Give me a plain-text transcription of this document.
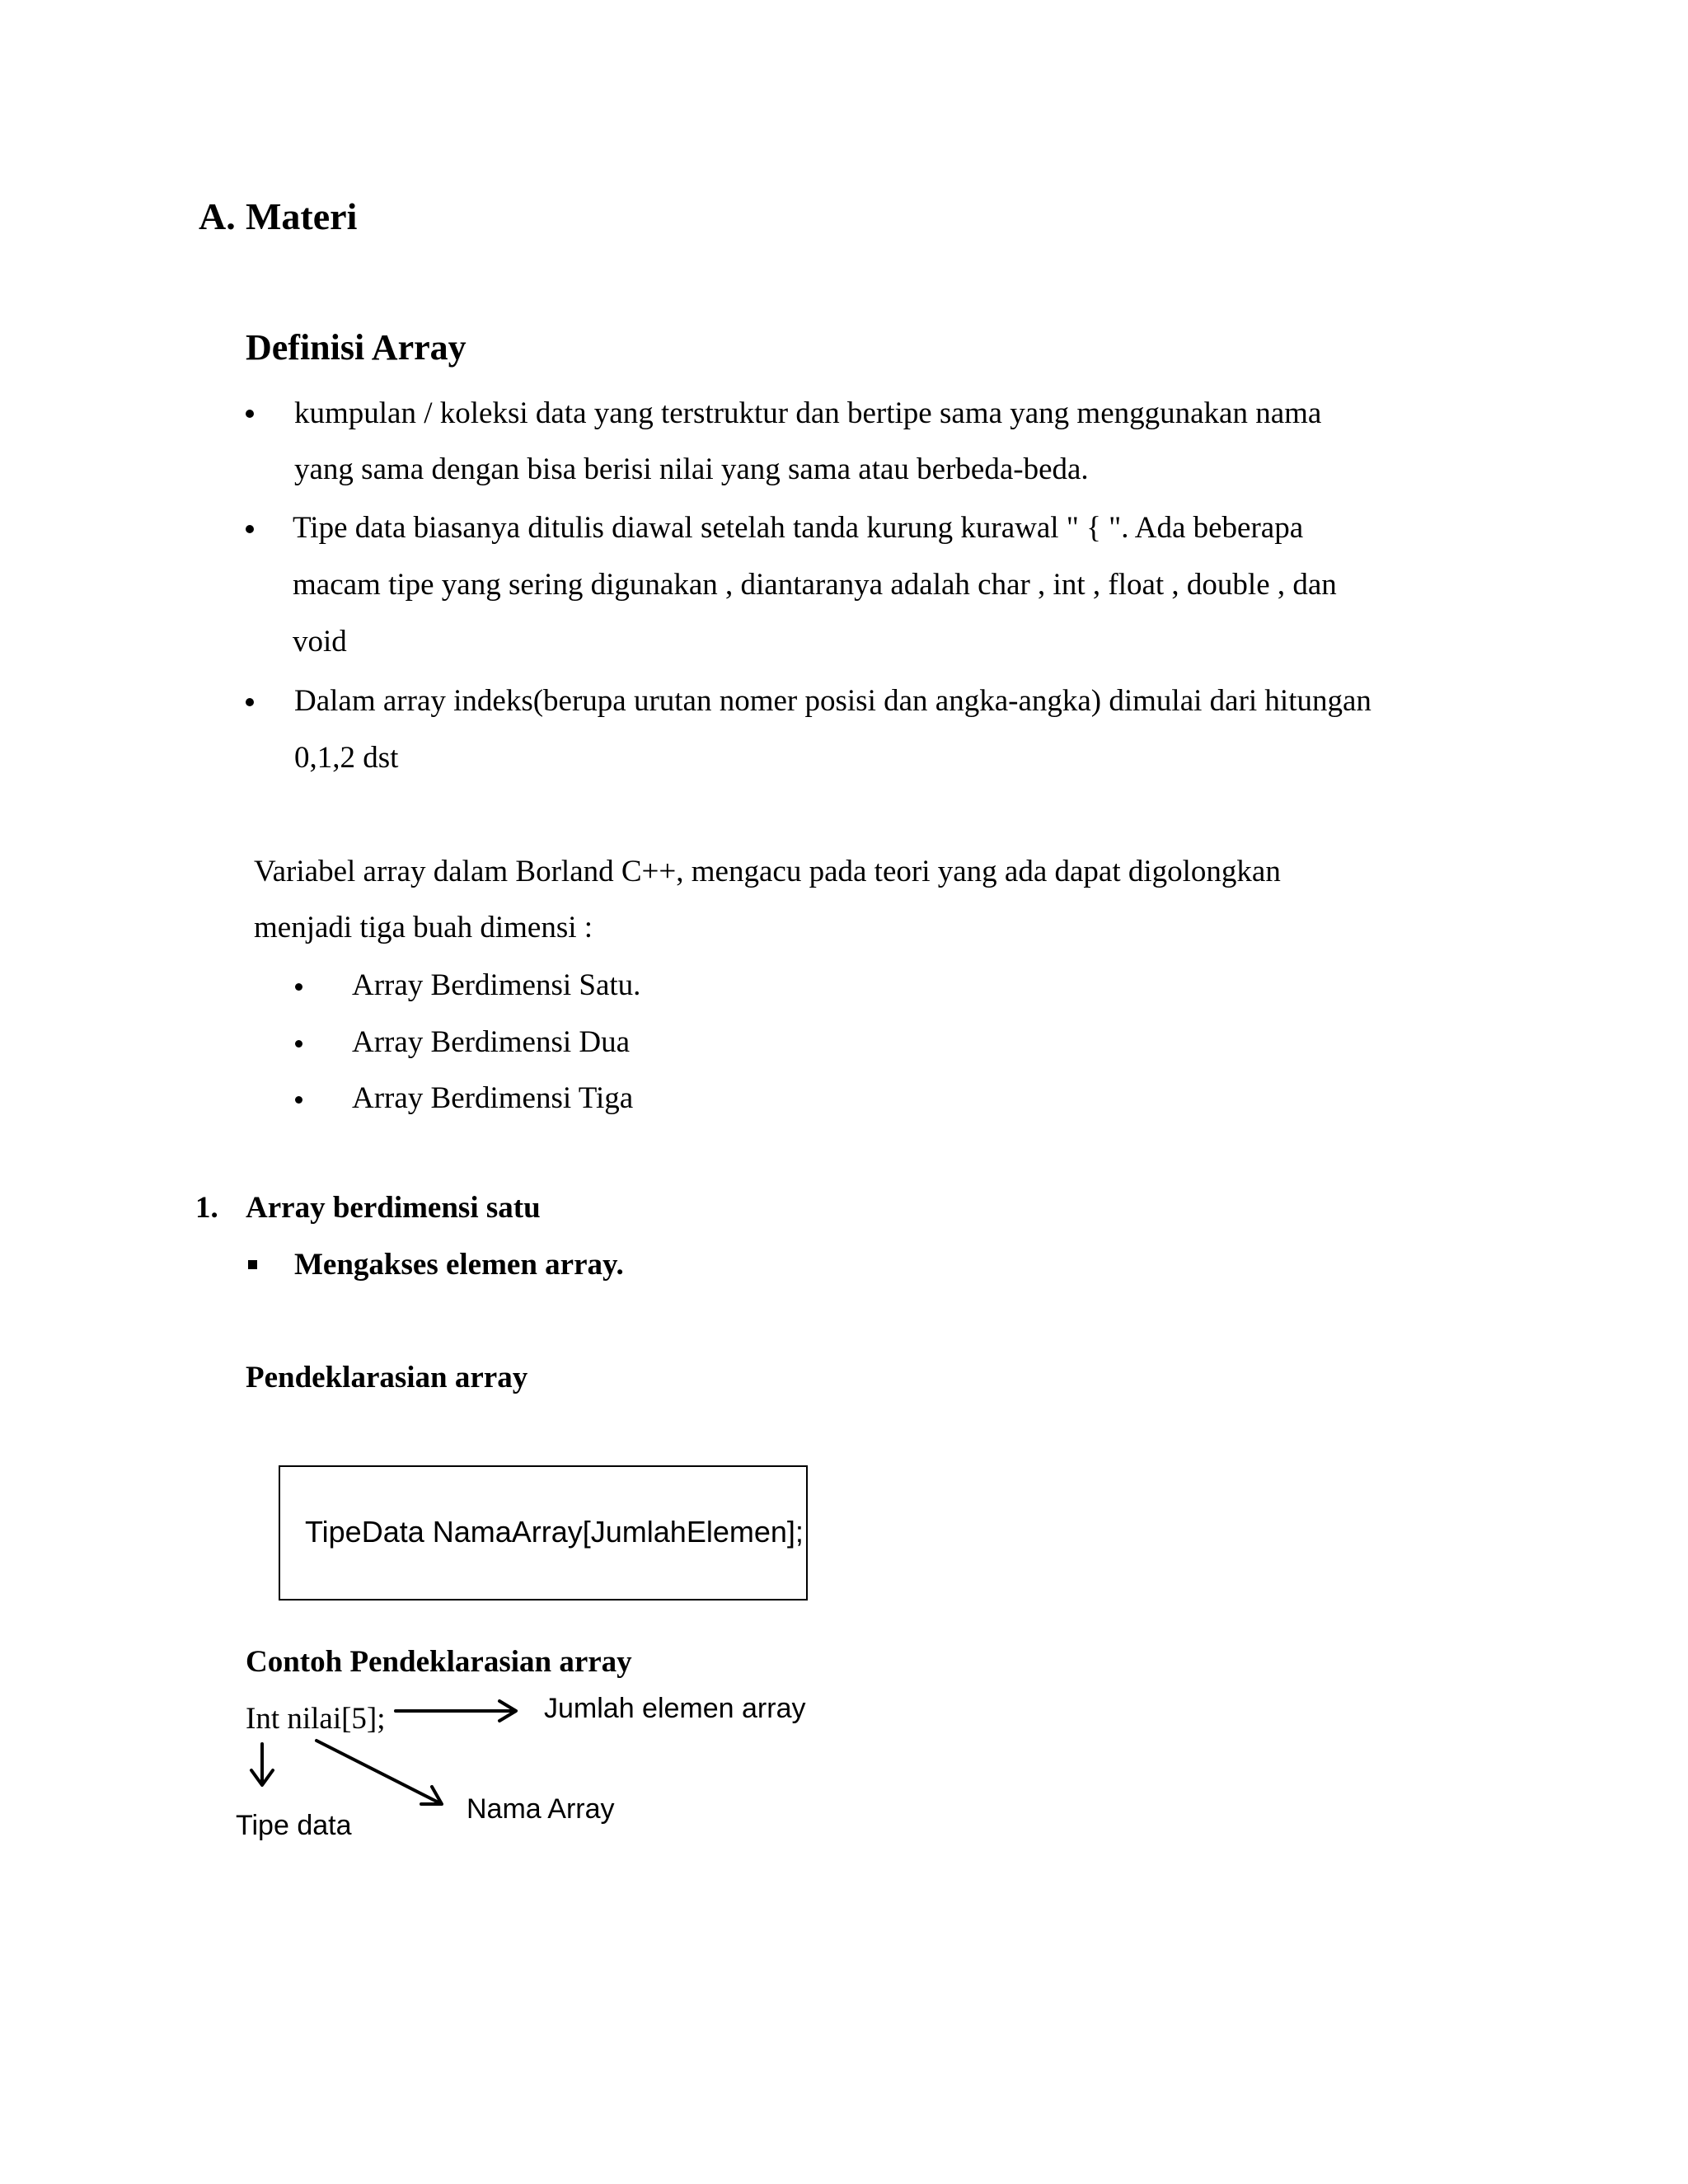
A. Materi
Definisi Array
kumpulan / koleksi data yang terstruktur dan bertipe sama yang menggunakan nama
yang sama dengan bisa berisi nilai yang sama atau berbeda-beda.
Tipe data biasanya ditulis diawal setelah tanda kurung kurawal " { ". Ada beberapa
macam tipe yang sering digunakan , diantaranya adalah char , int , float , double , dan
void
Dalam array indeks(berupa urutan nomer posisi dan angka-angka) dimulai dari hitungan
0,1,2 dst
Variabel array dalam Borland C++, mengacu pada teori yang ada dapat digolongkan
menjadi tiga buah dimensi :
Array Berdimensi Satu.
Array Berdimensi Dua
Array Berdimensi Tiga
1. Array berdimensi satu
Mengakses elemen array.
Pendeklarasian array
TipeData NamaArray[JumlahElemen];
Contoh Pendeklarasian array
Int nilai[5];	Jumlah elemen array
Nama Array
Tipe data
